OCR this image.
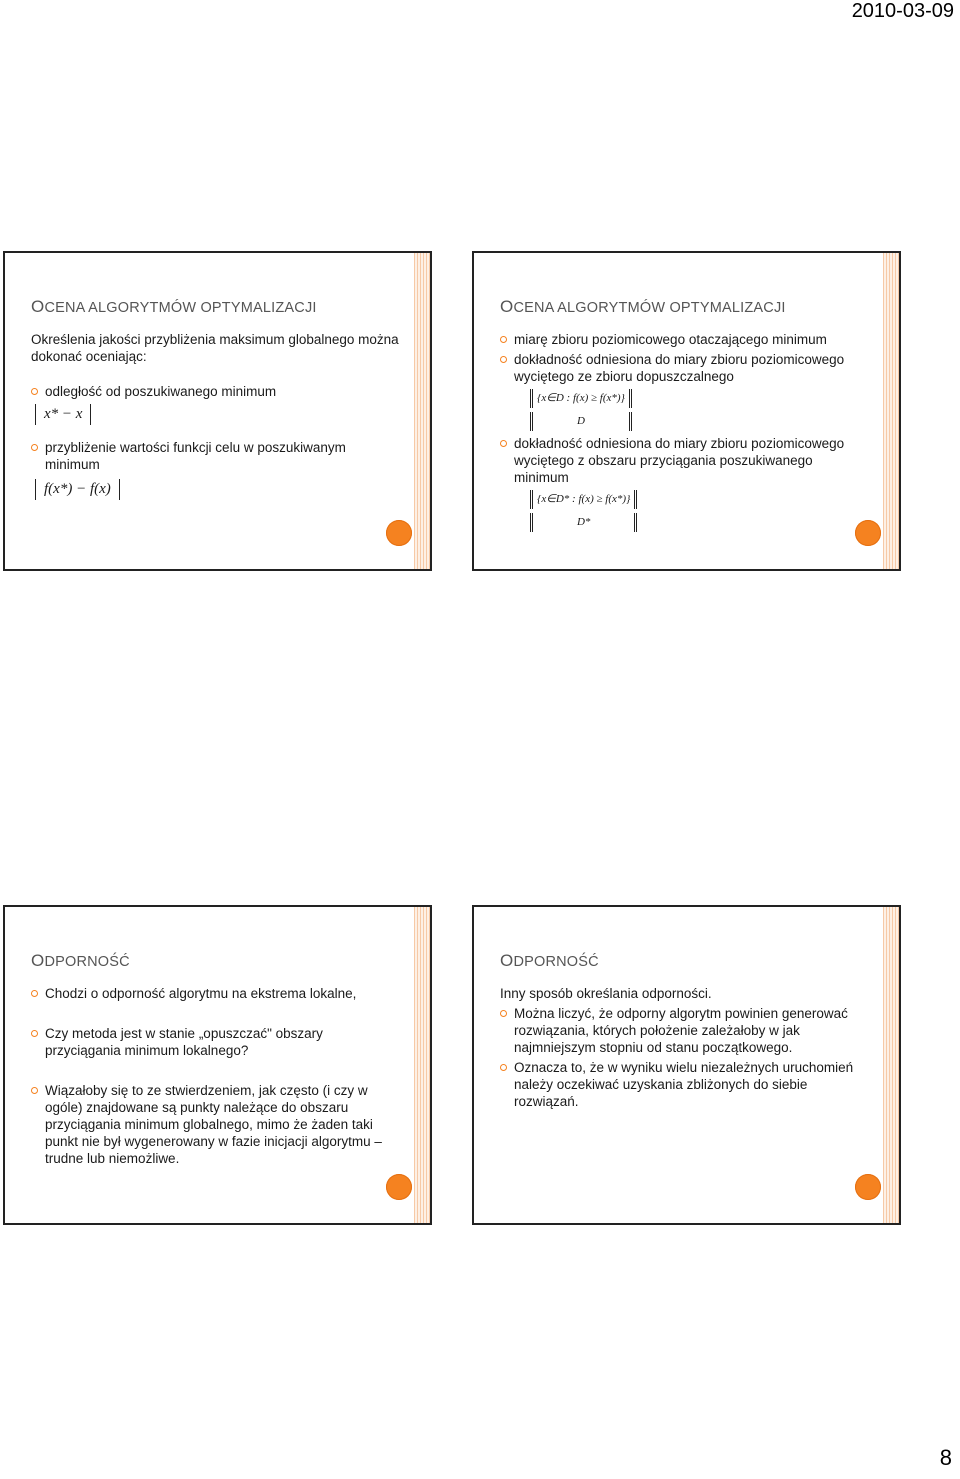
2010-03-09
OCENA ALGORYTMÓW OPTYMALIZACJI

Określenia jakości przybliżenia maksimum globalnego można dokonać oceniając:

odległość od poszukiwanego minimum

x* − x

przybliżenie wartości funkcji celu w poszukiwanym minimum

f(x*) − f(x)
OCENA ALGORYTMÓW OPTYMALIZACJI

miarę zbioru poziomicowego otaczającego minimum

dokładność odniesiona do miary zbioru poziomicowego wyciętego ze zbioru dopuszczalnego

{x∈D : f(x) ≥ f(x*)}
D

dokładność odniesiona do miary zbioru poziomicowego wyciętego z obszaru przyciągania poszukiwanego minimum

{x∈D* : f(x) ≥ f(x*)}
D*
ODPORNOŚĆ

Chodzi o odporność algorytmu na ekstrema lokalne,

Czy metoda jest w stanie „opuszczać" obszary przyciągania minimum lokalnego?

Wiązałoby się to ze stwierdzeniem, jak często (i czy w ogóle) znajdowane są punkty należące do obszaru przyciągania minimum globalnego, mimo że żaden taki punkt nie był wygenerowany w fazie inicjacji algorytmu – trudne lub niemożliwe.

ODPORNOŚĆ

Inny sposób określania odporności.

Można liczyć, że odporny algorytm powinien generować rozwiązania, których położenie zależałoby w jak najmniejszym stopniu od stanu początkowego.

Oznacza to, że w wyniku wielu niezależnych uruchomień należy oczekiwać uzyskania zbliżonych do siebie rozwiązań.

8
